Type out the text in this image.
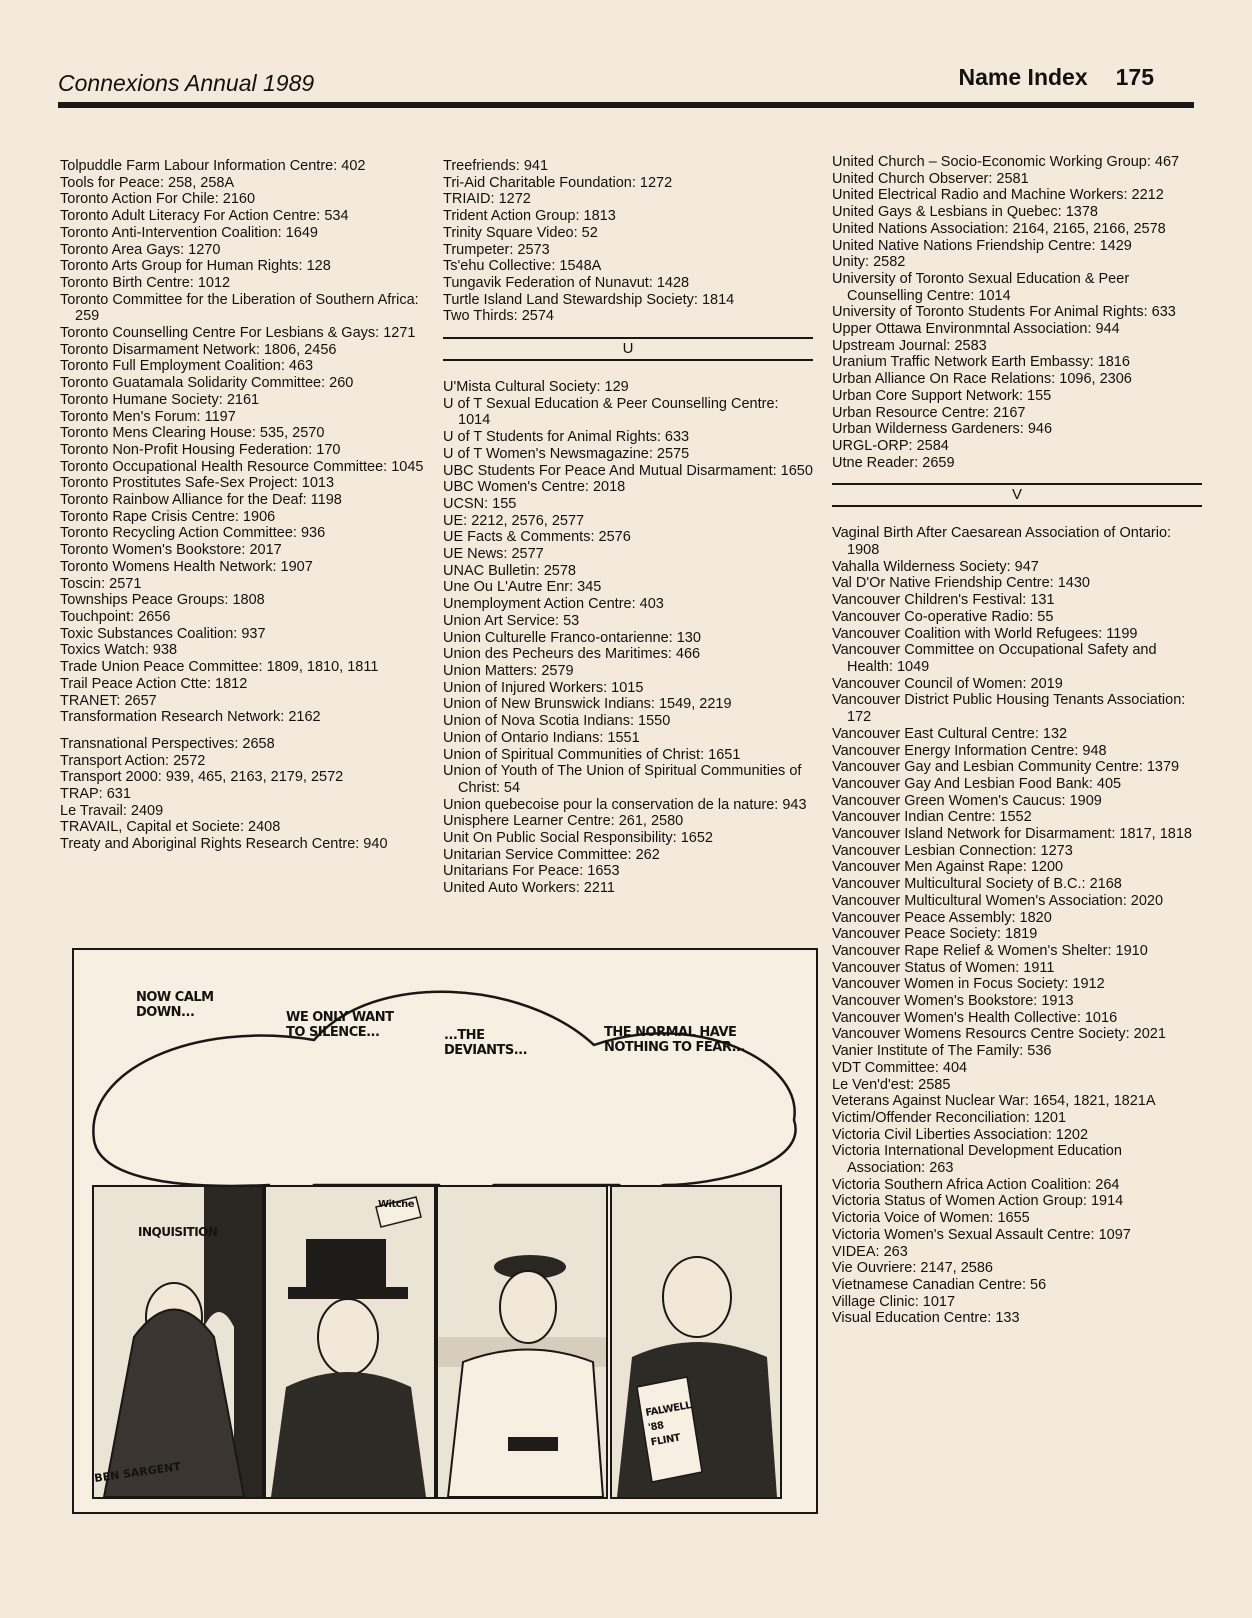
Connexions Annual 1989	Name Index 175
Tolpuddle Farm Labour Information Centre: 402
Tools for Peace: 258, 258A
Toronto Action For Chile: 2160
Toronto Adult Literacy For Action Centre: 534
Toronto Anti-Intervention Coalition: 1649
Toronto Area Gays: 1270
Toronto Arts Group for Human Rights: 128
Toronto Birth Centre: 1012
Toronto Committee for the Liberation of Southern Africa: 259
Toronto Counselling Centre For Lesbians & Gays: 1271
Toronto Disarmament Network: 1806, 2456
Toronto Full Employment Coalition: 463
Toronto Guatamala Solidarity Committee: 260
Toronto Humane Society: 2161
Toronto Men's Forum: 1197
Toronto Mens Clearing House: 535, 2570
Toronto Non-Profit Housing Federation: 170
Toronto Occupational Health Resource Committee: 1045
Toronto Prostitutes Safe-Sex Project: 1013
Toronto Rainbow Alliance for the Deaf: 1198
Toronto Rape Crisis Centre: 1906
Toronto Recycling Action Committee: 936
Toronto Women's Bookstore: 2017
Toronto Womens Health Network: 1907
Toscin: 2571
Townships Peace Groups: 1808
Touchpoint: 2656
Toxic Substances Coalition: 937
Toxics Watch: 938
Trade Union Peace Committee: 1809, 1810, 1811
Trail Peace Action Ctte: 1812
TRANET: 2657
Transformation Research Network: 2162
Transnational Perspectives: 2658
Transport Action: 2572
Transport 2000: 939, 465, 2163, 2179, 2572
TRAP: 631
Le Travail: 2409
TRAVAIL, Capital et Societe: 2408
Treaty and Aboriginal Rights Research Centre: 940
Treefriends: 941
Tri-Aid Charitable Foundation: 1272
TRIAID: 1272
Trident Action Group: 1813
Trinity Square Video: 52
Trumpeter: 2573
Ts'ehu Collective: 1548A
Tungavik Federation of Nunavut: 1428
Turtle Island Land Stewardship Society: 1814
Two Thirds: 2574
U
U'Mista Cultural Society: 129
U of T Sexual Education & Peer Counselling Centre: 1014
U of T Students for Animal Rights: 633
U of T Women's Newsmagazine: 2575
UBC Students For Peace And Mutual Disarmament: 1650
UBC Women's Centre: 2018
UCSN: 155
UE: 2212, 2576, 2577
UE Facts & Comments: 2576
UE News: 2577
UNAC Bulletin: 2578
Une Ou L'Autre Enr: 345
Unemployment Action Centre: 403
Union Art Service: 53
Union Culturelle Franco-ontarienne: 130
Union des Pecheurs des Maritimes: 466
Union Matters: 2579
Union of Injured Workers: 1015
Union of New Brunswick Indians: 1549, 2219
Union of Nova Scotia Indians: 1550
Union of Ontario Indians: 1551
Union of Spiritual Communities of Christ: 1651
Union of Youth of The Union of Spiritual Communities of Christ: 54
Union quebecoise pour la conservation de la nature: 943
Unisphere Learner Centre: 261, 2580
Unit On Public Social Responsibility: 1652
Unitarian Service Committee: 262
Unitarians For Peace: 1653
United Auto Workers: 2211
United Church – Socio-Economic Working Group: 467
United Church Observer: 2581
United Electrical Radio and Machine Workers: 2212
United Gays & Lesbians in Quebec: 1378
United Nations Association: 2164, 2165, 2166, 2578
United Native Nations Friendship Centre: 1429
Unity: 2582
University of Toronto Sexual Education & Peer Counselling Centre: 1014
University of Toronto Students For Animal Rights: 633
Upper Ottawa Environmntal Association: 944
Upstream Journal: 2583
Uranium Traffic Network Earth Embassy: 1816
Urban Alliance On Race Relations: 1096, 2306
Urban Core Support Network: 155
Urban Resource Centre: 2167
Urban Wilderness Gardeners: 946
URGL-ORP: 2584
Utne Reader: 2659
V
Vaginal Birth After Caesarean Association of Ontario: 1908
Vahalla Wilderness Society: 947
Val D'Or Native Friendship Centre: 1430
Vancouver Children's Festival: 131
Vancouver Co-operative Radio: 55
Vancouver Coalition with World Refugees: 1199
Vancouver Committee on Occupational Safety and Health: 1049
Vancouver Council of Women: 2019
Vancouver District Public Housing Tenants Association: 172
Vancouver East Cultural Centre: 132
Vancouver Energy Information Centre: 948
Vancouver Gay and Lesbian Community Centre: 1379
Vancouver Gay And Lesbian Food Bank: 405
Vancouver Green Women's Caucus: 1909
Vancouver Indian Centre: 1552
Vancouver Island Network for Disarmament: 1817, 1818
Vancouver Lesbian Connection: 1273
Vancouver Men Against Rape: 1200
Vancouver Multicultural Society of B.C.: 2168
Vancouver Multicultural Women's Association: 2020
Vancouver Peace Assembly: 1820
Vancouver Peace Society: 1819
Vancouver Rape Relief & Women's Shelter: 1910
Vancouver Status of Women: 1911
Vancouver Women in Focus Society: 1912
Vancouver Women's Bookstore: 1913
Vancouver Women's Health Collective: 1016
Vancouver Womens Resourcs Centre Society: 2021
Vanier Institute of The Family: 536
VDT Committee: 404
Le Ven'd'est: 2585
Veterans Against Nuclear War: 1654, 1821, 1821A
Victim/Offender Reconciliation: 1201
Victoria Civil Liberties Association: 1202
Victoria International Development Education Association: 263
Victoria Southern Africa Action Coalition: 264
Victoria Status of Women Action Group: 1914
Victoria Voice of Women: 1655
Victoria Women's Sexual Assault Centre: 1097
VIDEA: 263
Vie Ouvriere: 2147, 2586
Vietnamese Canadian Centre: 56
Village Clinic: 1017
Visual Education Centre: 133
NOW CALM DOWN...	WE ONLY WANT TO SILENCE...	...THE DEVIANTS...
THE NORMAL HAVE NOTHING TO FEAR...
INQUISITION
Witche
FALWELL '88 FLINT
BEN SARGENT
